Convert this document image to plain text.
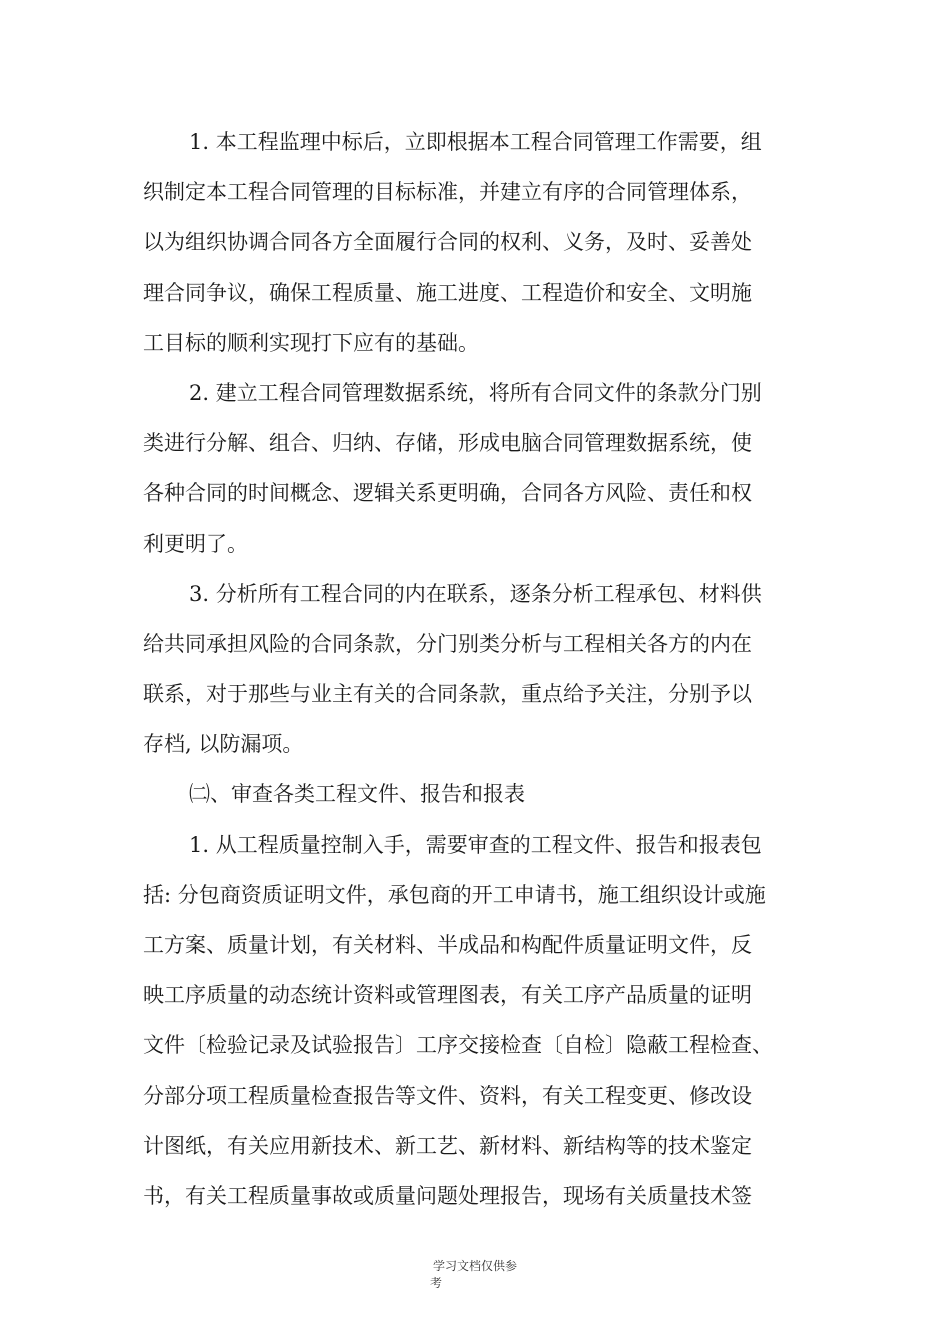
1. 本工程监理中标后，立即根据本工程合同管理工作需要，组
织制定本工程合同管理的目标标准，并建立有序的合同管理体系，
以为组织协调合同各方全面履行合同的权利、义务，及时、妥善处
理合同争议，确保工程质量、施工进度、工程造价和安全、文明施
工目标的顺利实现打下应有的基础。
2. 建立工程合同管理数据系统，将所有合同文件的条款分门别
类进行分解、组合、归纳、存储，形成电脑合同管理数据系统，使
各种合同的时间概念、逻辑关系更明确，合同各方风险、责任和权
利更明了。
3. 分析所有工程合同的内在联系，逐条分析工程承包、材料供
给共同承担风险的合同条款，分门别类分析与工程相关各方的内在
联系，对于那些与业主有关的合同条款，重点给予关注，分别予以
存档, 以防漏项。
㈡、审查各类工程文件、报告和报表
1. 从工程质量控制入手，需要审查的工程文件、报告和报表包
括: 分包商资质证明文件，承包商的开工申请书，施工组织设计或施
工方案、质量计划，有关材料、半成品和构配件质量证明文件，反
映工序质量的动态统计资料或管理图表，有关工序产品质量的证明
文件〔检验记录及试验报告〕工序交接检查〔自检〕隐蔽工程检查、
分部分项工程质量检查报告等文件、资料，有关工程变更、修改设
计图纸，有关应用新技术、新工艺、新材料、新结构等的技术鉴定
书，有关工程质量事故或质量问题处理报告，现场有关质量技术签
学习文档仅供参
考
